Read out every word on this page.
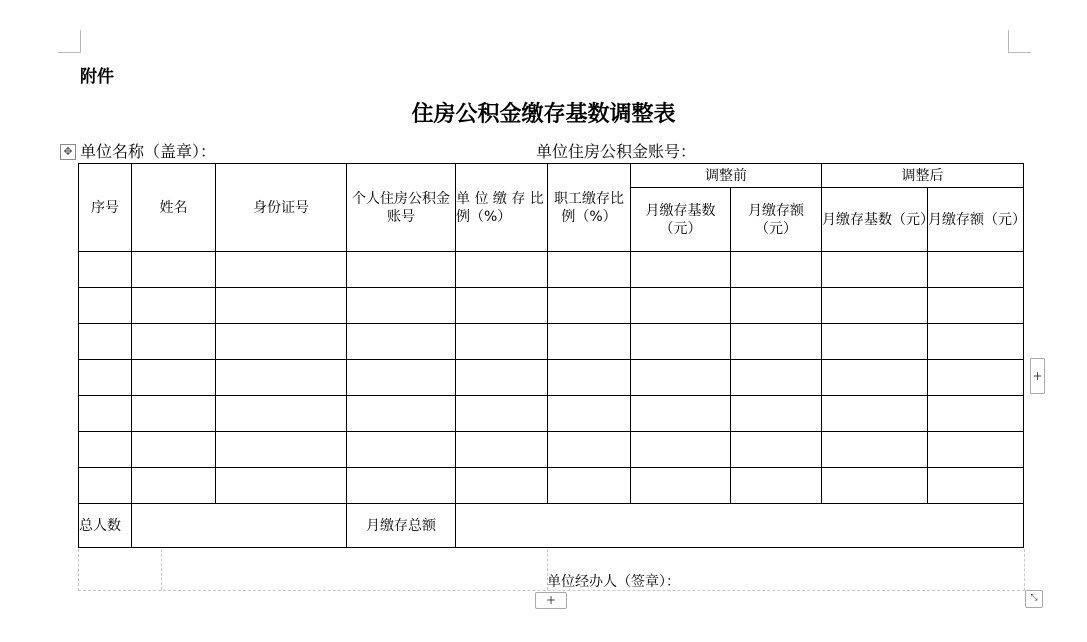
附件
住房公积金缴存基数调整表
✥ 单位名称（盖章）：	单位住房公积金账号：
序号	姓名	身份证号	个人住房公积金账号	单 位 缴 存 比例（%）	职工缴存比例（%）	调整前		调整后	
						月缴存基数（元）	月缴存额（元）	月缴存基数（元）	月缴存额（元）

总人数			月缴存总额						
单位经办人（签章）：
+
+
⤡
